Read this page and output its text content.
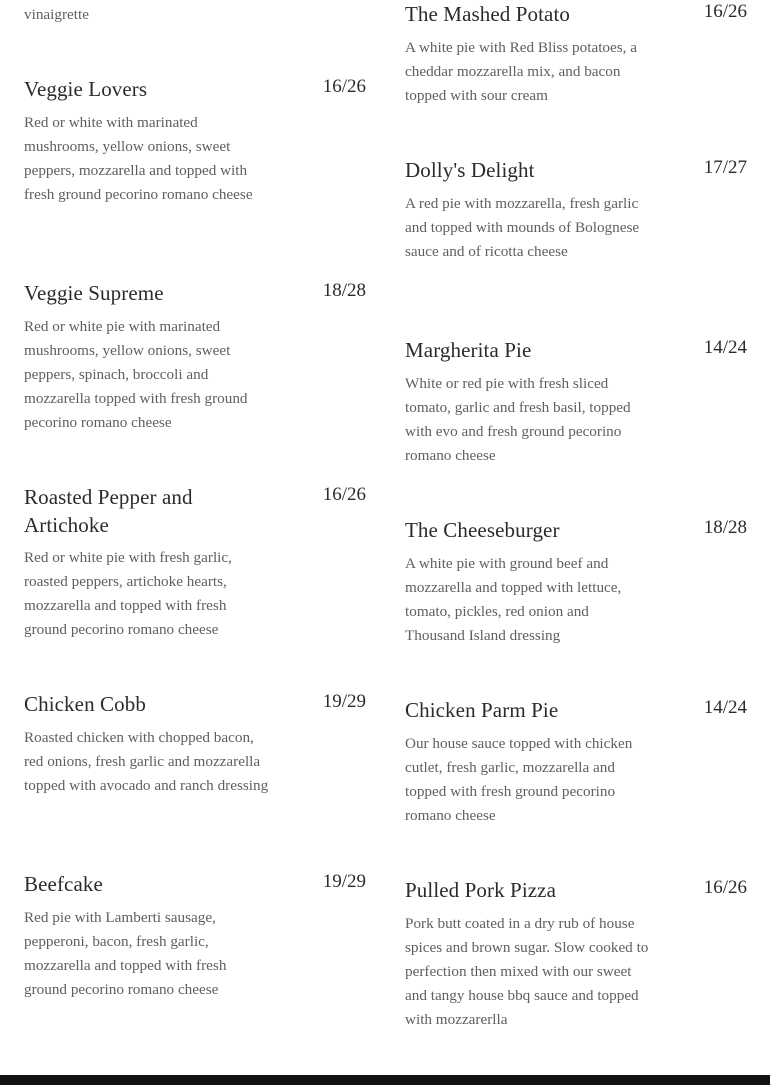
vinaigrette
Veggie Lovers	16/26
Red or white with marinated mushrooms, yellow onions, sweet peppers, mozzarella and topped with fresh ground pecorino romano cheese
Veggie Supreme	18/28
Red or white pie with marinated mushrooms, yellow onions, sweet peppers, spinach, broccoli and mozzarella topped with fresh ground pecorino romano cheese
Roasted Pepper and Artichoke
16/26
Red or white pie with fresh garlic, roasted peppers, artichoke hearts, mozzarella and topped with fresh ground pecorino romano cheese
Chicken Cobb	19/29
Roasted chicken with chopped bacon, red onions, fresh garlic and mozzarella topped with avocado and ranch dressing
Beefcake	19/29
Red pie with Lamberti sausage, pepperoni, bacon, fresh garlic, mozzarella and topped with fresh ground pecorino romano cheese
The Mashed Potato	16/26
A white pie with Red Bliss potatoes, a cheddar mozzarella mix, and bacon topped with sour cream
Dolly's Delight	17/27
A red pie with mozzarella, fresh garlic and topped with mounds of Bolognese sauce and of ricotta cheese
Margherita Pie	14/24
White or red pie with fresh sliced tomato, garlic and fresh basil, topped with evo and fresh ground pecorino romano cheese
The Cheeseburger	18/28
A white pie with ground beef and mozzarella and topped with lettuce, tomato, pickles, red onion and Thousand Island dressing
Chicken Parm Pie	14/24
Our house sauce topped with chicken cutlet, fresh garlic, mozzarella and topped with fresh ground pecorino romano cheese
Pulled Pork Pizza	16/26
Pork butt coated in a dry rub of house spices and brown sugar. Slow cooked to perfection then mixed with our sweet and tangy house bbq sauce and topped with mozzarerlla
